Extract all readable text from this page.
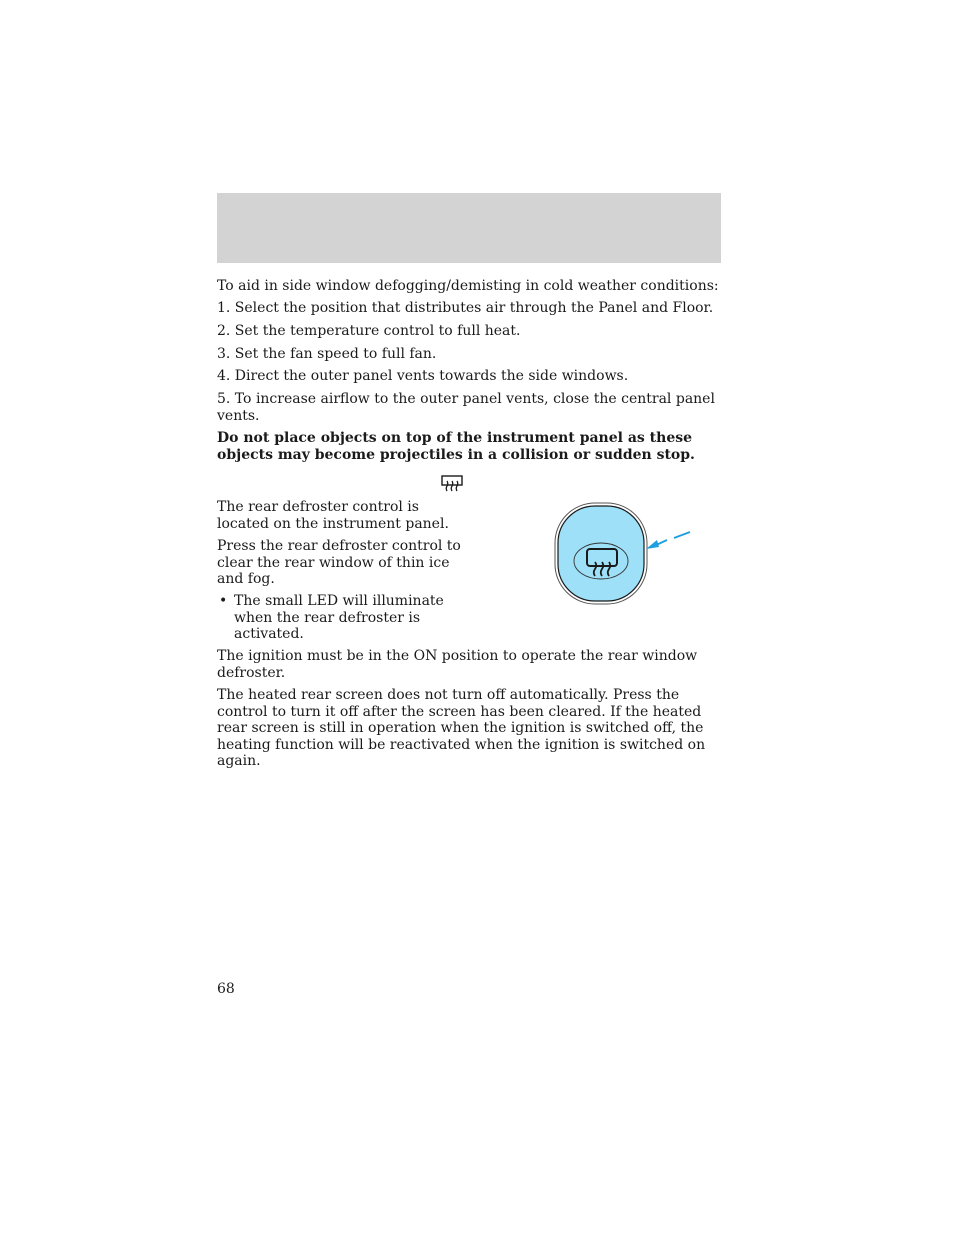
To aid in side window defogging/demisting in cold weather conditions:

1. Select the position that distributes air through the Panel and Floor.

2. Set the temperature control to full heat.

3. Set the fan speed to full fan.

4. Direct the outer panel vents towards the side windows.

5. To increase airflow to the outer panel vents, close the central panel vents.

Do not place objects on top of the instrument panel as these objects may become projectiles in a collision or sudden stop.

The rear defroster control is located on the instrument panel.

Press the rear defroster control to clear the rear window of thin ice and fog.

• The small LED will illuminate when the rear defroster is activated.

The ignition must be in the ON position to operate the rear window defroster.

The heated rear screen does not turn off automatically. Press the control to turn it off after the screen has been cleared. If the heated rear screen is still in operation when the ignition is switched off, the heating function will be reactivated when the ignition is switched on again.

68
